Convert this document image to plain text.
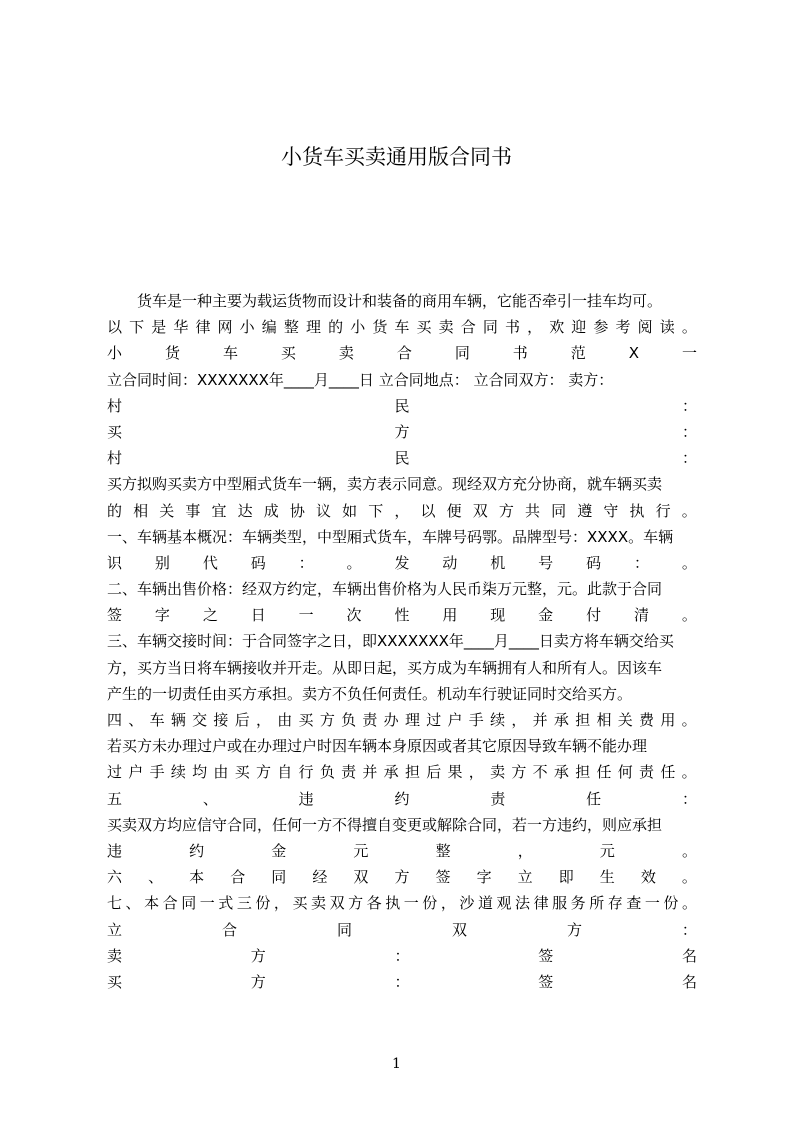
小货车买卖通用版合同书
货车是一种主要为载运货物而设计和装备的商用车辆，它能否牵引一挂车均可。
以 下 是 华 律 网 小 编 整 理 的 小 货 车 买 卖 合 同 书 ， 欢 迎 参 考 阅 读 。
小	货	车	买	卖	合	同	书	范	X	一
立合同时间：XXXXXXX年____月____日 立合同地点： 立合同双方： 卖方：
村	民	：
买	方	：
村	民	：
买方拟购买卖方中型厢式货车一辆，卖方表示同意。现经双方充分协商，就车辆买卖
的 相 关 事 宜 达 成 协 议 如 下 ， 以 便 双 方 共 同 遵 守 执 行 。
一、车辆基本概况：车辆类型，中型厢式货车，车牌号码鄂。品牌型号：XXXX。车辆
识 别 代 码 ： 。 发 动 机 号 码 ： 。
二、车辆出售价格：经双方约定，车辆出售价格为人民币柒万元整，元。此款于合同
签 字 之 日 一 次 性 用 现 金 付 清 。
三、车辆交接时间：于合同签字之日，即XXXXXXX年____月____日卖方将车辆交给买
方，买方当日将车辆接收并开走。从即日起，买方成为车辆拥有人和所有人。因该车
产生的一切责任由买方承担。卖方不负任何责任。机动车行驶证同时交给买方。
四 、 车 辆 交 接 后 ， 由 买 方 负 责 办 理 过 户 手 续 ， 并 承 担 相 关 费 用 。
若买方未办理过户或在办理过户时因车辆本身原因或者其它原因导致车辆不能办理
过 户 手 续 均 由 买 方 自 行 负 责 并 承 担 后 果 ， 卖 方 不 承 担 任 何 责 任 。
五	、	违	约	责	任	：
买卖双方均应信守合同，任何一方不得擅自变更或解除合同，若一方违约，则应承担
违	约	金	元	整	，	元	。
六 、 本 合 同 经 双 方 签 字 立 即 生 效 。
七 、 本 合 同 一 式 三 份 ， 买 卖 双 方 各 执 一 份 ， 沙 道 观 法 律 服 务 所 存 查 一 份 。
立	合	同	双	方	：
卖	方	：	签	名
买	方	：	签	名
1
